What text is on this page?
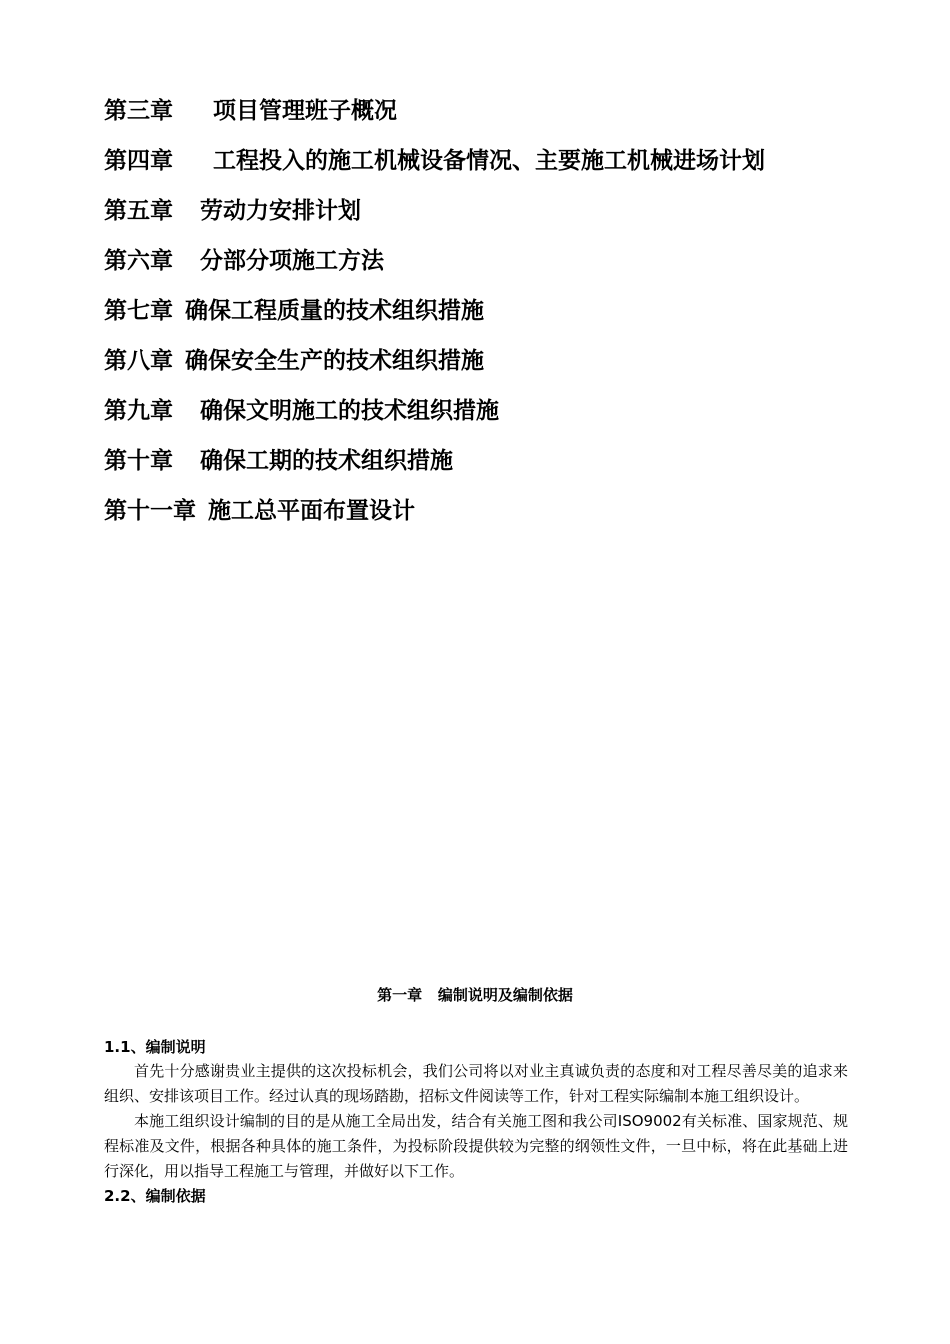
第三章 项目管理班子概况
第四章 工程投入的施工机械设备情况、主要施工机械进场计划
第五章 劳动力安排计划
第六章 分部分项施工方法
第七章 确保工程质量的技术组织措施
第八章 确保安全生产的技术组织措施
第九章 确保文明施工的技术组织措施
第十章 确保工期的技术组织措施
第十一章 施工总平面布置设计
第一章   编制说明及编制依据
1.1、编制说明

首先十分感谢贵业主提供的这次投标机会，我们公司将以对业主真诚负责的态度和对工程尽善尽美的追求来组织、安排该项目工作。经过认真的现场踏勘，招标文件阅读等工作，针对工程实际编制本施工组织设计。

本施工组织设计编制的目的是从施工全局出发，结合有关施工图和我公司ISO9002有关标准、国家规范、规程标准及文件，根据各种具体的施工条件，为投标阶段提供较为完整的纲领性文件，一旦中标，将在此基础上进行深化，用以指导工程施工与管理，并做好以下工作。

2.2、编制依据
